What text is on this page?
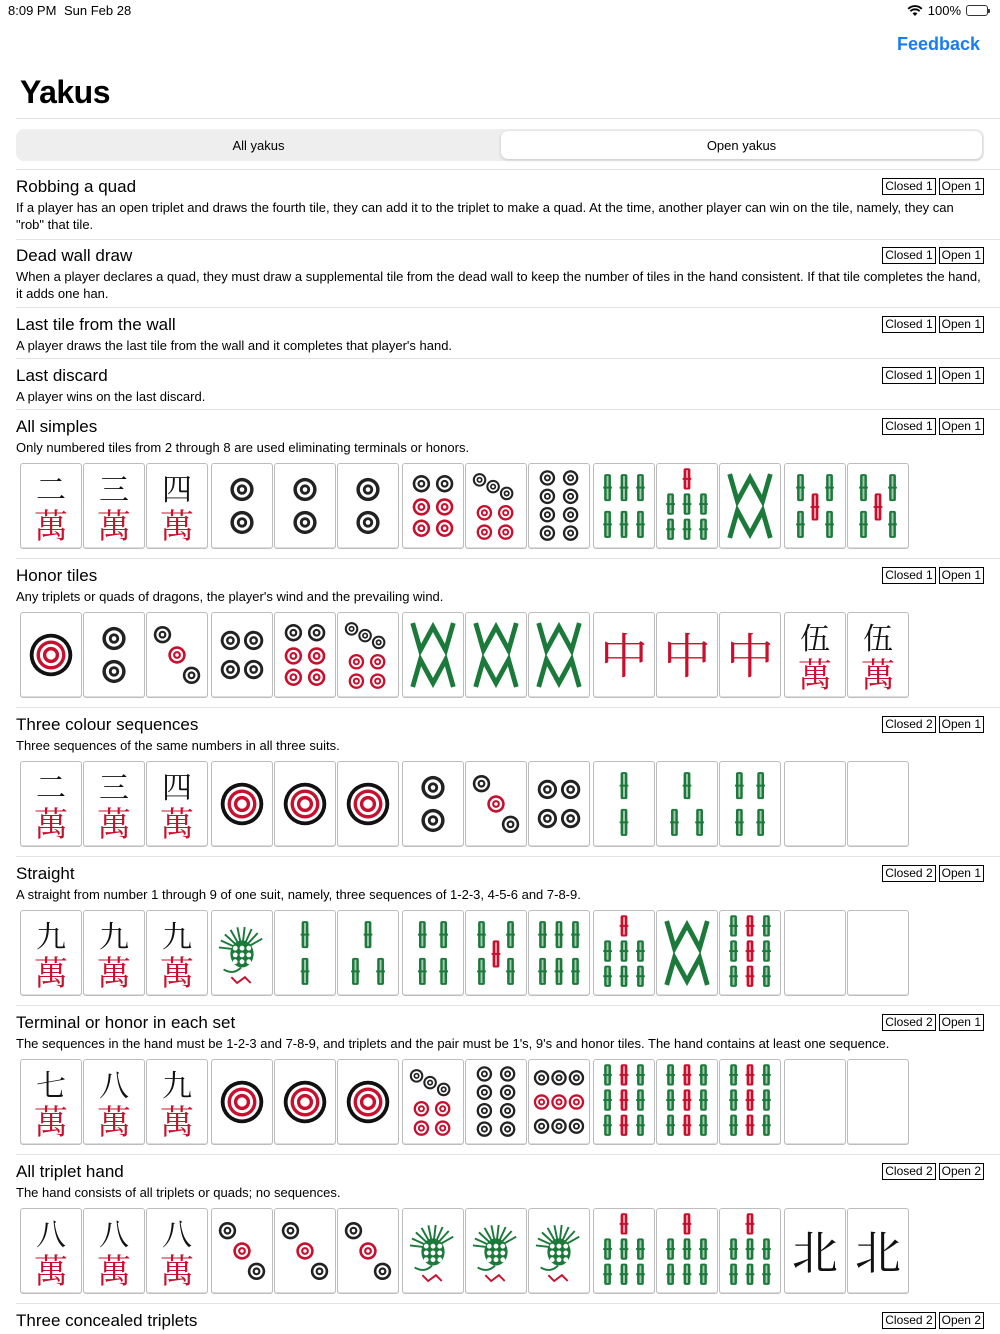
8:09 PM Sun Feb 28	100%
Feedback
Yakus
All yakus	Open yakus
Robbing a quad	Closed 1 Open 1
If a player has an open triplet and draws the fourth tile, they can add it to the triplet to make a quad. At the time, another player can win on the tile, namely, they can "rob" that tile.
Dead wall draw	Closed 1 Open 1
When a player declares a quad, they must draw a supplemental tile from the dead wall to keep the number of tiles in the hand consistent. If that tile completes the hand, it adds one han.
Last tile from the wall	Closed 1 Open 1
A player draws the last tile from the wall and it completes that player's hand.
Last discard	Closed 1 Open 1
A player wins on the last discard.
All simples	Closed 1 Open 1
Only numbered tiles from 2 through 8 are used eliminating terminals or honors.
二
萬
三
萬
四
萬
Honor tiles	Closed 1 Open 1
Any triplets or quads of dragons, the player's wind and the prevailing wind.
中 中 中 伍
萬
伍
萬
Three colour sequences	Closed 2 Open 1
Three sequences of the same numbers in all three suits.
二
萬
三
萬
四
萬
Straight	Closed 2 Open 1
A straight from number 1 through 9 of one suit, namely, three sequences of 1-2-3, 4-5-6 and 7-8-9.
九
萬
九
萬
九
萬
Terminal or honor in each set	Closed 2 Open 1
The sequences in the hand must be 1-2-3 and 7-8-9, and triplets and the pair must be 1's, 9's and honor tiles. The hand contains at least one sequence.
七
萬
八
萬
九
萬
All triplet hand	Closed 2 Open 2
The hand consists of all triplets or quads; no sequences.
八
萬
八
萬
八
萬	北 北
Three concealed triplets	Closed 2 Open 2
